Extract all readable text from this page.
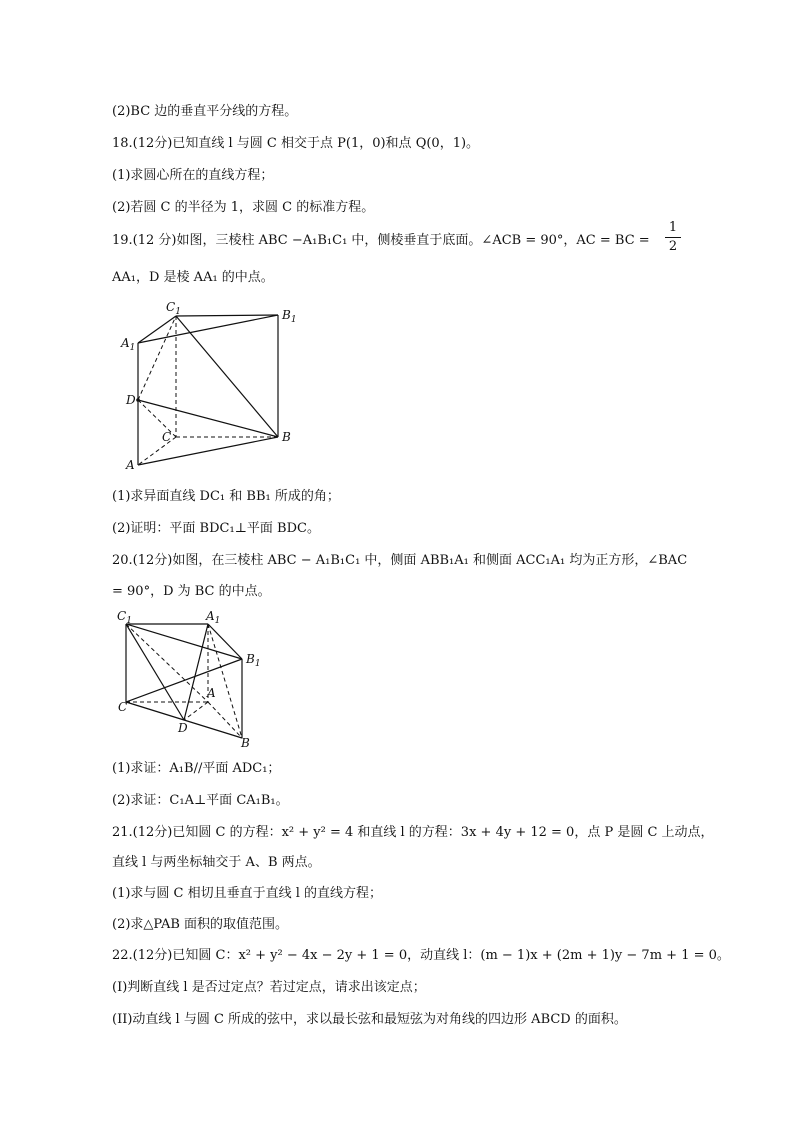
(2)BC 边的垂直平分线的方程。
18.(12分)已知直线 l 与圆 C 相交于点 P(1，0)和点 Q(0，1)。
(1)求圆心所在的直线方程；
(2)若圆 C 的半径为 1，求圆 C 的标准方程。
19.(12 分)如图，三棱柱 ABC −A₁B₁C₁ 中，侧棱垂直于底面。∠ACB = 90°，AC = BC =
1
2
AA₁，D 是棱 AA₁ 的中点。
$C_1$	$B_1$
$A_1$
D
C	B
A
(1)求异面直线 DC₁ 和 BB₁ 所成的角；
(2)证明：平面 BDC₁⊥平面 BDC。
20.(12分)如图，在三棱柱 ABC − A₁B₁C₁ 中，侧面 ABB₁A₁ 和侧面 ACC₁A₁ 均为正方形，∠BAC
= 90°，D 为 BC 的中点。
$C_1$	$A_1$
$B_1$
A
C
D
B
(1)求证：A₁B//平面 ADC₁；
(2)求证：C₁A⊥平面 CA₁B₁。
21.(12分)已知圆 C 的方程：x² + y² = 4 和直线 l 的方程：3x + 4y + 12 = 0，点 P 是圆 C 上动点，
直线 l 与两坐标轴交于 A、B 两点。
(1)求与圆 C 相切且垂直于直线 l 的直线方程；
(2)求△PAB 面积的取值范围。
22.(12分)已知圆 C：x² + y² − 4x − 2y + 1 = 0，动直线 l：(m − 1)x + (2m + 1)y − 7m + 1 = 0。
(I)判断直线 l 是否过定点？若过定点，请求出该定点；
(II)动直线 l 与圆 C 所成的弦中，求以最长弦和最短弦为对角线的四边形 ABCD 的面积。
